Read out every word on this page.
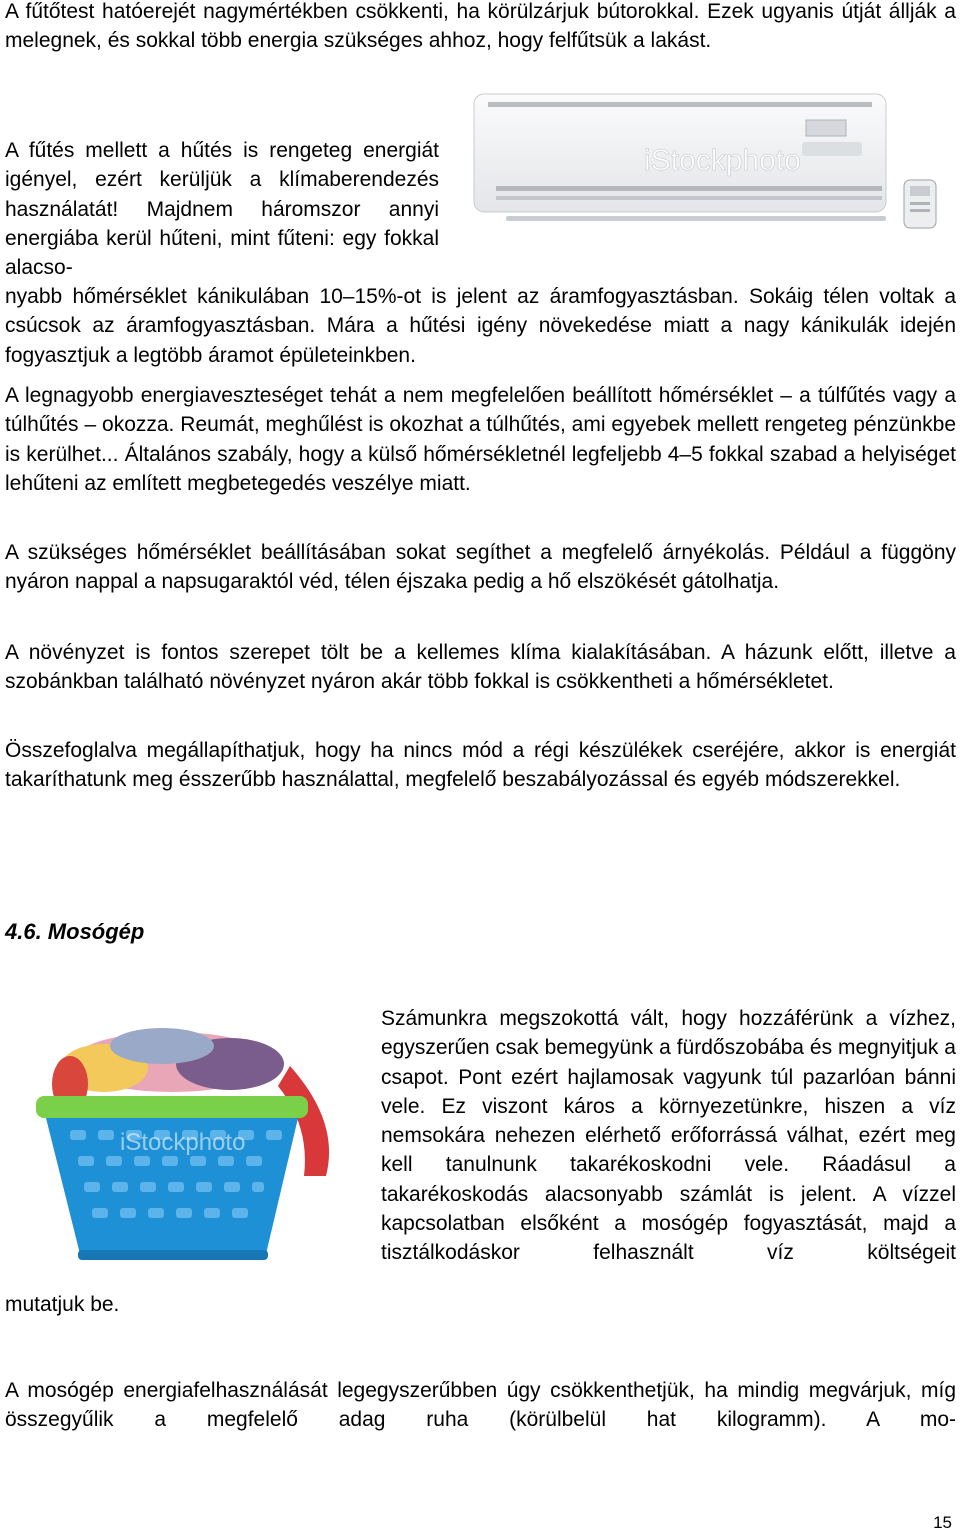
A fűtőtest hatóerejét nagymértékben csökkenti, ha körülzárjuk bútorokkal. Ezek ugyanis útját állják a melegnek, és sokkal több energia szükséges ahhoz, hogy felfűtsük a lakást.

iStockphoto

A fűtés mellett a hűtés is rengeteg energiát igényel, ezért kerüljük a klímaberendezés használatát! Majdnem háromszor annyi energiába kerül hűteni, mint fűteni: egy fokkal alacso-

nyabb hőmérséklet kánikulában 10–15%-ot is jelent az áramfogyasztásban. Sokáig télen voltak a csúcsok az áramfogyasztásban. Mára a hűtési igény növekedése miatt a nagy kánikulák idején fogyasztjuk a legtöbb áramot épületeinkben.

A legnagyobb energiaveszteséget tehát a nem megfelelően beállított hőmérséklet – a túlfűtés vagy a túlhűtés – okozza. Reumát, meghűlést is okozhat a túlhűtés, ami egyebek mellett rengeteg pénzünkbe is kerülhet... Általános szabály, hogy a külső hőmérsékletnél legfeljebb 4–5 fokkal szabad a helyiséget lehűteni az említett megbetegedés veszélye miatt.

A szükséges hőmérséklet beállításában sokat segíthet a megfelelő árnyékolás. Például a függöny nyáron nappal a napsugaraktól véd, télen éjszaka pedig a hő elszökését gátolhatja.

A növényzet is fontos szerepet tölt be a kellemes klíma kialakításában. A házunk előtt, illetve a szobánkban található növényzet nyáron akár több fokkal is csökkentheti a hőmérsékletet.

Összefoglalva megállapíthatjuk, hogy ha nincs mód a régi készülékek cseréjére, akkor is energiát takaríthatunk meg ésszerűbb használattal, megfelelő beszabályozással és egyéb módszerekkel.

4.6. Mosógép
iStockphoto

Számunkra megszokottá vált, hogy hozzáférünk a vízhez, egyszerűen csak bemegyünk a fürdőszobába és megnyitjuk a csapot. Pont ezért hajlamosak vagyunk túl pazarlóan bánni vele. Ez viszont káros a környezetünkre, hiszen a víz nemsokára nehezen elérhető erőforrássá válhat, ezért meg kell tanulnunk takarékoskodni vele. Ráadásul a takarékoskodás alacsonyabb számlát is jelent. A vízzel kapcsolatban elsőként a mosógép fogyasztását, majd a tisztálkodáskor felhasznált víz költségeit

mutatjuk be.

A mosógép energiafelhasználását legegyszerűbben úgy csökkenthetjük, ha mindig megvárjuk, míg összegyűlik a megfelelő adag ruha (körülbelül hat kilogramm). A mo-

15
